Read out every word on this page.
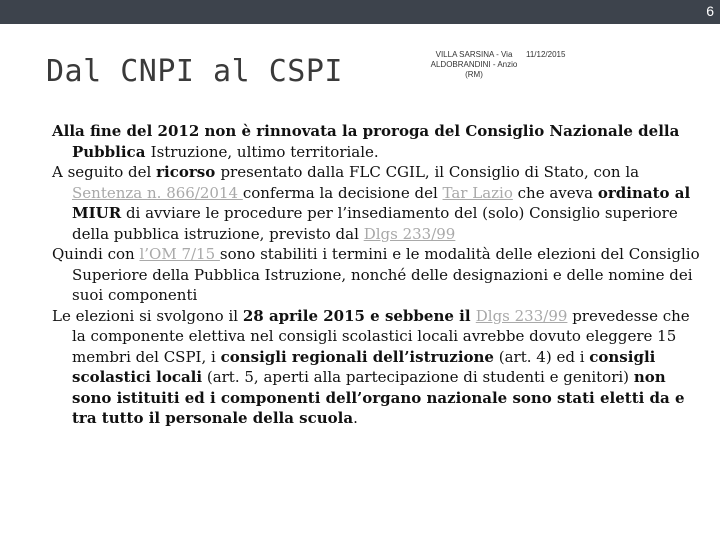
6
Dal CNPI al CSPI	VILLA SARSINA - Via
ALDOBRANDINI - Anzio
(RM)
11/12/2015

Alla fine del 2012 non è rinnovata la proroga del Consiglio Nazionale della Pubblica Istruzione, ultimo territoriale.

A seguito del ricorso presentato dalla FLC CGIL, il Consiglio di Stato, con la Sentenza n. 866/2014 conferma la decisione del Tar Lazio che aveva ordinato al MIUR di avviare le procedure per l’insediamento del (solo) Consiglio superiore della pubblica istruzione, previsto dal Dlgs 233/99

Quindi con l’OM 7/15 sono stabiliti i termini e le modalità delle elezioni del Consiglio Superiore della Pubblica Istruzione, nonché delle designazioni e delle nomine dei suoi componenti

Le elezioni si svolgono il 28 aprile 2015 e sebbene il Dlgs 233/99 prevedesse che la componente elettiva nel consigli scolastici locali avrebbe dovuto eleggere 15 membri del CSPI, i consigli regionali dell’istruzione (art. 4) ed i consigli scolastici locali (art. 5, aperti alla partecipazione di studenti e genitori) non sono istituiti ed i componenti dell’organo nazionale sono stati eletti da e tra tutto il personale della scuola.
